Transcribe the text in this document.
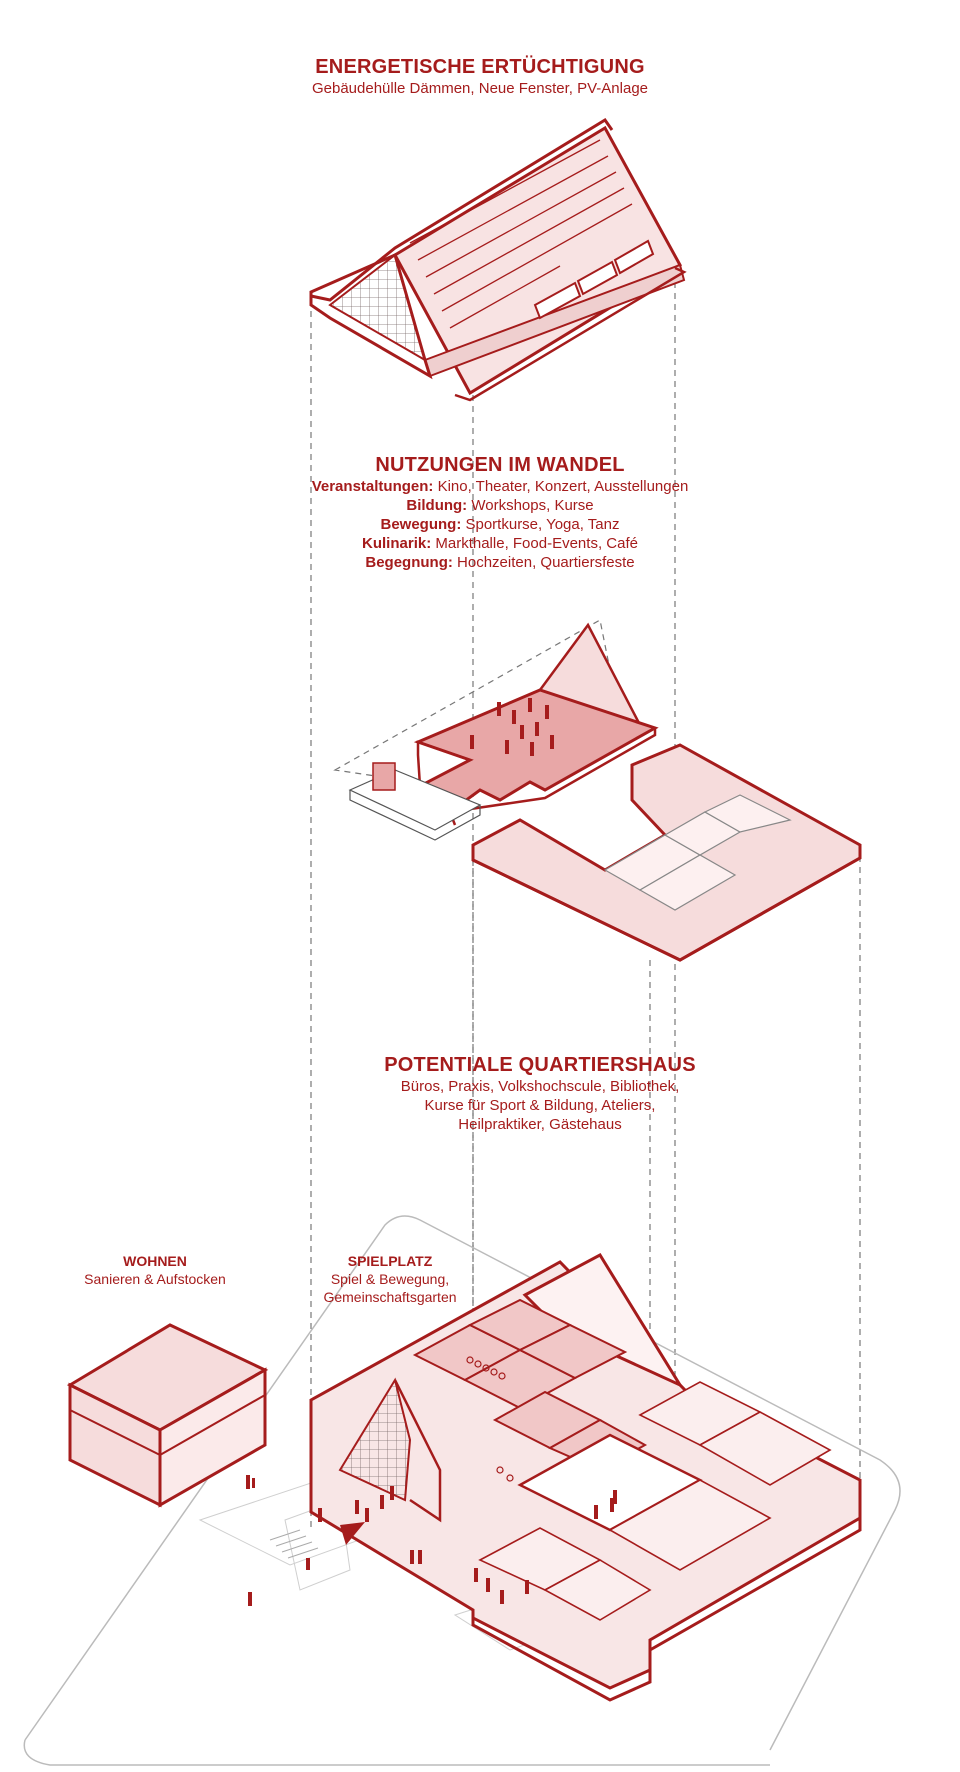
ENERGETISCHE ERTÜCHTIGUNG
Gebäudehülle Dämmen, Neue Fenster, PV-Anlage
NUTZUNGEN IM WANDEL
Veranstaltungen: Kino, Theater, Konzert, Ausstellungen
Bildung: Workshops, Kurse
Bewegung: Sportkurse, Yoga, Tanz
Kulinarik: Markthalle, Food-Events, Café
Begegnung: Hochzeiten, Quartiersfeste
POTENTIALE QUARTIERSHAUS
Büros, Praxis, Volkshochscule, Bibliothek,
Kurse für Sport & Bildung, Ateliers,
Heilpraktiker, Gästehaus
WOHNEN
Sanieren & Aufstocken
SPIELPLATZ
Spiel & Bewegung,
Gemeinschaftsgarten
